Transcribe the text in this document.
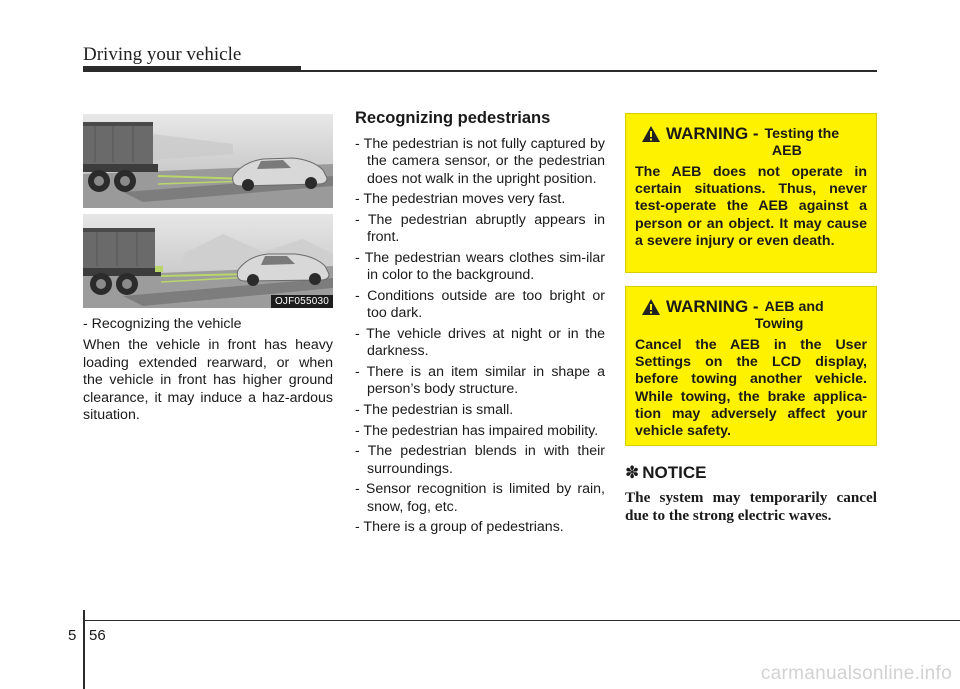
Driving your vehicle
OJF055030

- Recognizing the vehicle

When the vehicle in front has heavy loading extended rearward, or when the vehicle in front has higher ground clearance, it may induce a haz-ardous situation.

Recognizing pedestrians
- The pedestrian is not fully captured by the camera sensor, or the pedestrian does not walk in the upright position.
- The pedestrian moves very fast.
- The pedestrian abruptly appears in front.
- The pedestrian wears clothes sim-ilar in color to the background.
- Conditions outside are too bright or too dark.
- The vehicle drives at night or in the darkness.
- There is an item similar in shape a person’s body structure.
- The pedestrian is small.
- The pedestrian has impaired mobility.
- The pedestrian blends in with their surroundings.
- Sensor recognition is limited by rain, snow, fog, etc.
- There is a group of pedestrians.
WARNING - Testing the
AEB
The AEB does not operate in certain situations. Thus, never test-operate the AEB against a person or an object. It may cause a severe injury or even death.
WARNING - AEB and
Towing
Cancel the AEB in the User Settings on the LCD display, before towing another vehicle. While towing, the brake applica-tion may adversely affect your vehicle safety.
✽ NOTICE
The system may temporarily cancel due to the strong electric waves.
5 56
carmanualsonline.info
